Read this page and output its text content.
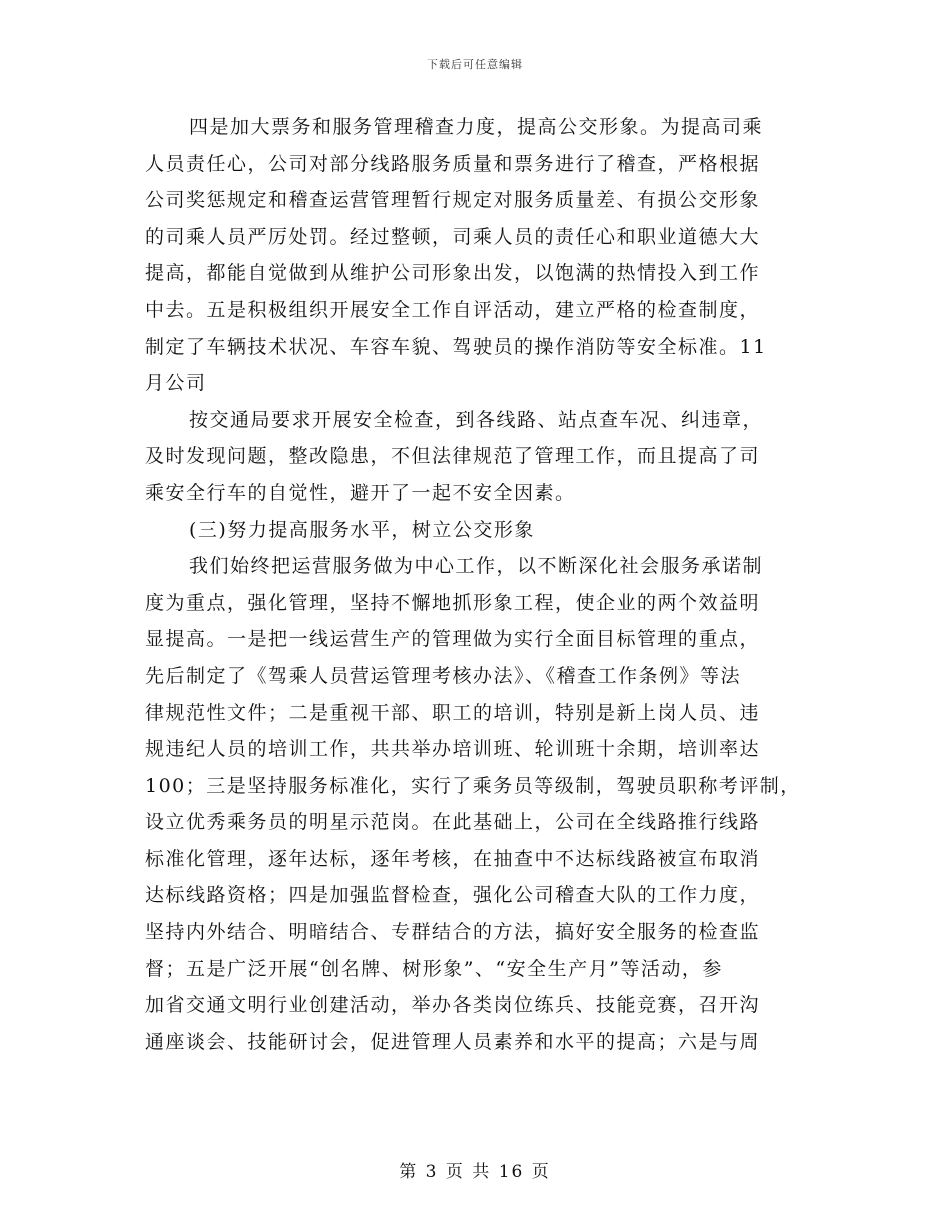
下载后可任意编辑
四是加大票务和服务管理稽查力度，提高公交形象。为提高司乘
人员责任心，公司对部分线路服务质量和票务进行了稽查，严格根据
公司奖惩规定和稽查运营管理暂行规定对服务质量差、有损公交形象
的司乘人员严厉处罚。经过整顿，司乘人员的责任心和职业道德大大
提高，都能自觉做到从维护公司形象出发，以饱满的热情投入到工作
中去。五是积极组织开展安全工作自评活动，建立严格的检查制度，
制定了车辆技术状况、车容车貌、驾驶员的操作消防等安全标准。11
月公司
按交通局要求开展安全检查，到各线路、站点查车况、纠违章，
及时发现问题，整改隐患，不但法律规范了管理工作，而且提高了司
乘安全行车的自觉性，避开了一起不安全因素。
(三)努力提高服务水平，树立公交形象
我们始终把运营服务做为中心工作，以不断深化社会服务承诺制
度为重点，强化管理，坚持不懈地抓形象工程，使企业的两个效益明
显提高。一是把一线运营生产的管理做为实行全面目标管理的重点，
先后制定了《驾乘人员营运管理考核办法》、《稽查工作条例》等法
律规范性文件；二是重视干部、职工的培训，特别是新上岗人员、违
规违纪人员的培训工作，共共举办培训班、轮训班十余期，培训率达
100；三是坚持服务标准化，实行了乘务员等级制，驾驶员职称考评制，
设立优秀乘务员的明星示范岗。在此基础上，公司在全线路推行线路
标准化管理，逐年达标，逐年考核，在抽查中不达标线路被宣布取消
达标线路资格；四是加强监督检查，强化公司稽查大队的工作力度，
坚持内外结合、明暗结合、专群结合的方法，搞好安全服务的检查监
督；五是广泛开展“创名牌、树形象”、“安全生产月”等活动，参
加省交通文明行业创建活动，举办各类岗位练兵、技能竞赛，召开沟
通座谈会、技能研讨会，促进管理人员素养和水平的提高；六是与周
第 3 页 共 16 页
